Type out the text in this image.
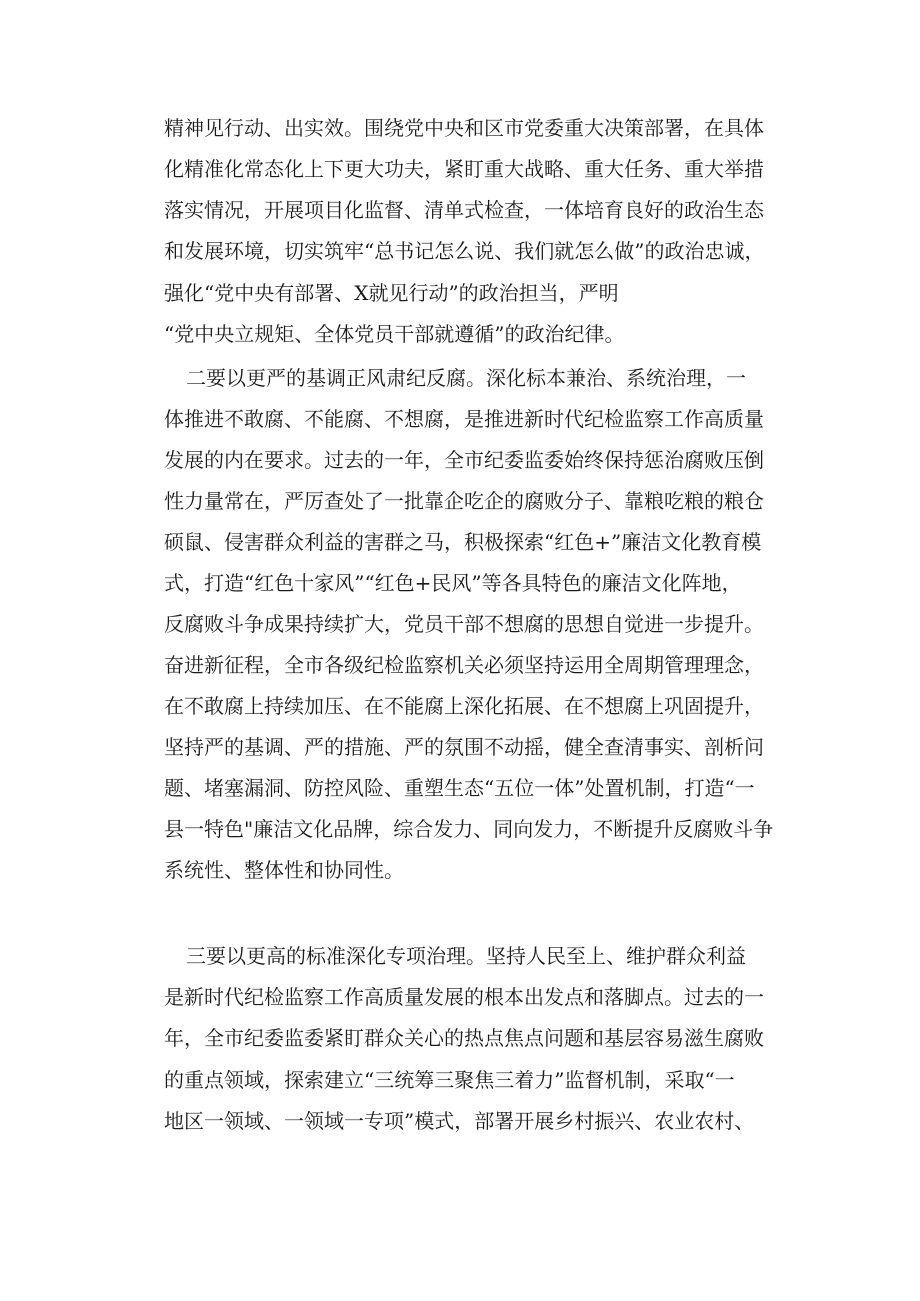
精神见行动、出实效。围绕党中央和区市党委重大决策部署，在具体

化精准化常态化上下更大功夫，紧盯重大战略、重大任务、重大举措

落实情况，开展项目化监督、清单式检查，一体培育良好的政治生态

和发展环境，切实筑牢“总书记怎么说、我们就怎么做”的政治忠诚，

强化“党中央有部署、X就见行动”的政治担当，严明

“党中央立规矩、全体党员干部就遵循”的政治纪律。

二要以更严的基调正风肃纪反腐。深化标本兼治、系统治理，一

体推进不敢腐、不能腐、不想腐，是推进新时代纪检监察工作高质量

发展的内在要求。过去的一年，全市纪委监委始终保持惩治腐败压倒

性力量常在，严厉查处了一批靠企吃企的腐败分子、靠粮吃粮的粮仓

硕鼠、侵害群众利益的害群之马，积极探索“红色+”廉洁文化教育模

式，打造“红色十家风”“红色+民风”等各具特色的廉洁文化阵地，

反腐败斗争成果持续扩大，党员干部不想腐的思想自觉进一步提升。

奋进新征程，全市各级纪检监察机关必须坚持运用全周期管理理念，

在不敢腐上持续加压、在不能腐上深化拓展、在不想腐上巩固提升，

坚持严的基调、严的措施、严的氛围不动摇，健全查清事实、剖析问

题、堵塞漏洞、防控风险、重塑生态“五位一体”处置机制，打造“一

县一特色"廉洁文化品牌，综合发力、同向发力，不断提升反腐败斗争

系统性、整体性和协同性。

三要以更高的标准深化专项治理。坚持人民至上、维护群众利益

是新时代纪检监察工作高质量发展的根本出发点和落脚点。过去的一

年，全市纪委监委紧盯群众关心的热点焦点问题和基层容易滋生腐败

的重点领域，探索建立“三统筹三聚焦三着力”监督机制，采取“一

地区一领域、一领域一专项”模式，部署开展乡村振兴、农业农村、
